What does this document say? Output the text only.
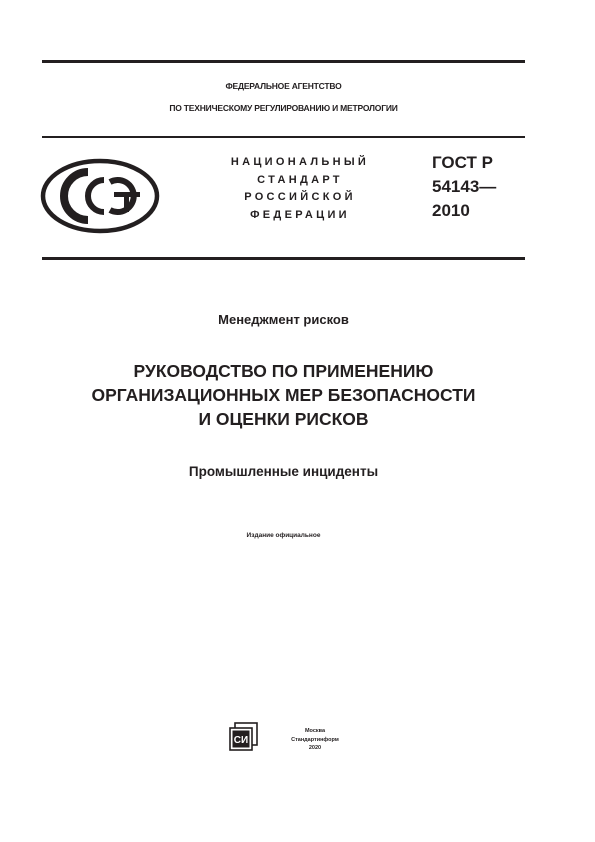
ФЕДЕРАЛЬНОЕ АГЕНТСТВО
ПО ТЕХНИЧЕСКОМУ РЕГУЛИРОВАНИЮ И МЕТРОЛОГИИ
НАЦИОНАЛЬНЫЙ
СТАНДАРТ
РОССИЙСКОЙ
ФЕДЕРАЦИИ
ГОСТ Р
54143—
2010
Менеджмент рисков
РУКОВОДСТВО ПО ПРИМЕНЕНИЮ
ОРГАНИЗАЦИОННЫХ МЕР БЕЗОПАСНОСТИ
И ОЦЕНКИ РИСКОВ
Промышленные инциденты
Издание официальное
СИ
Москва
Стандартинформ
2020
